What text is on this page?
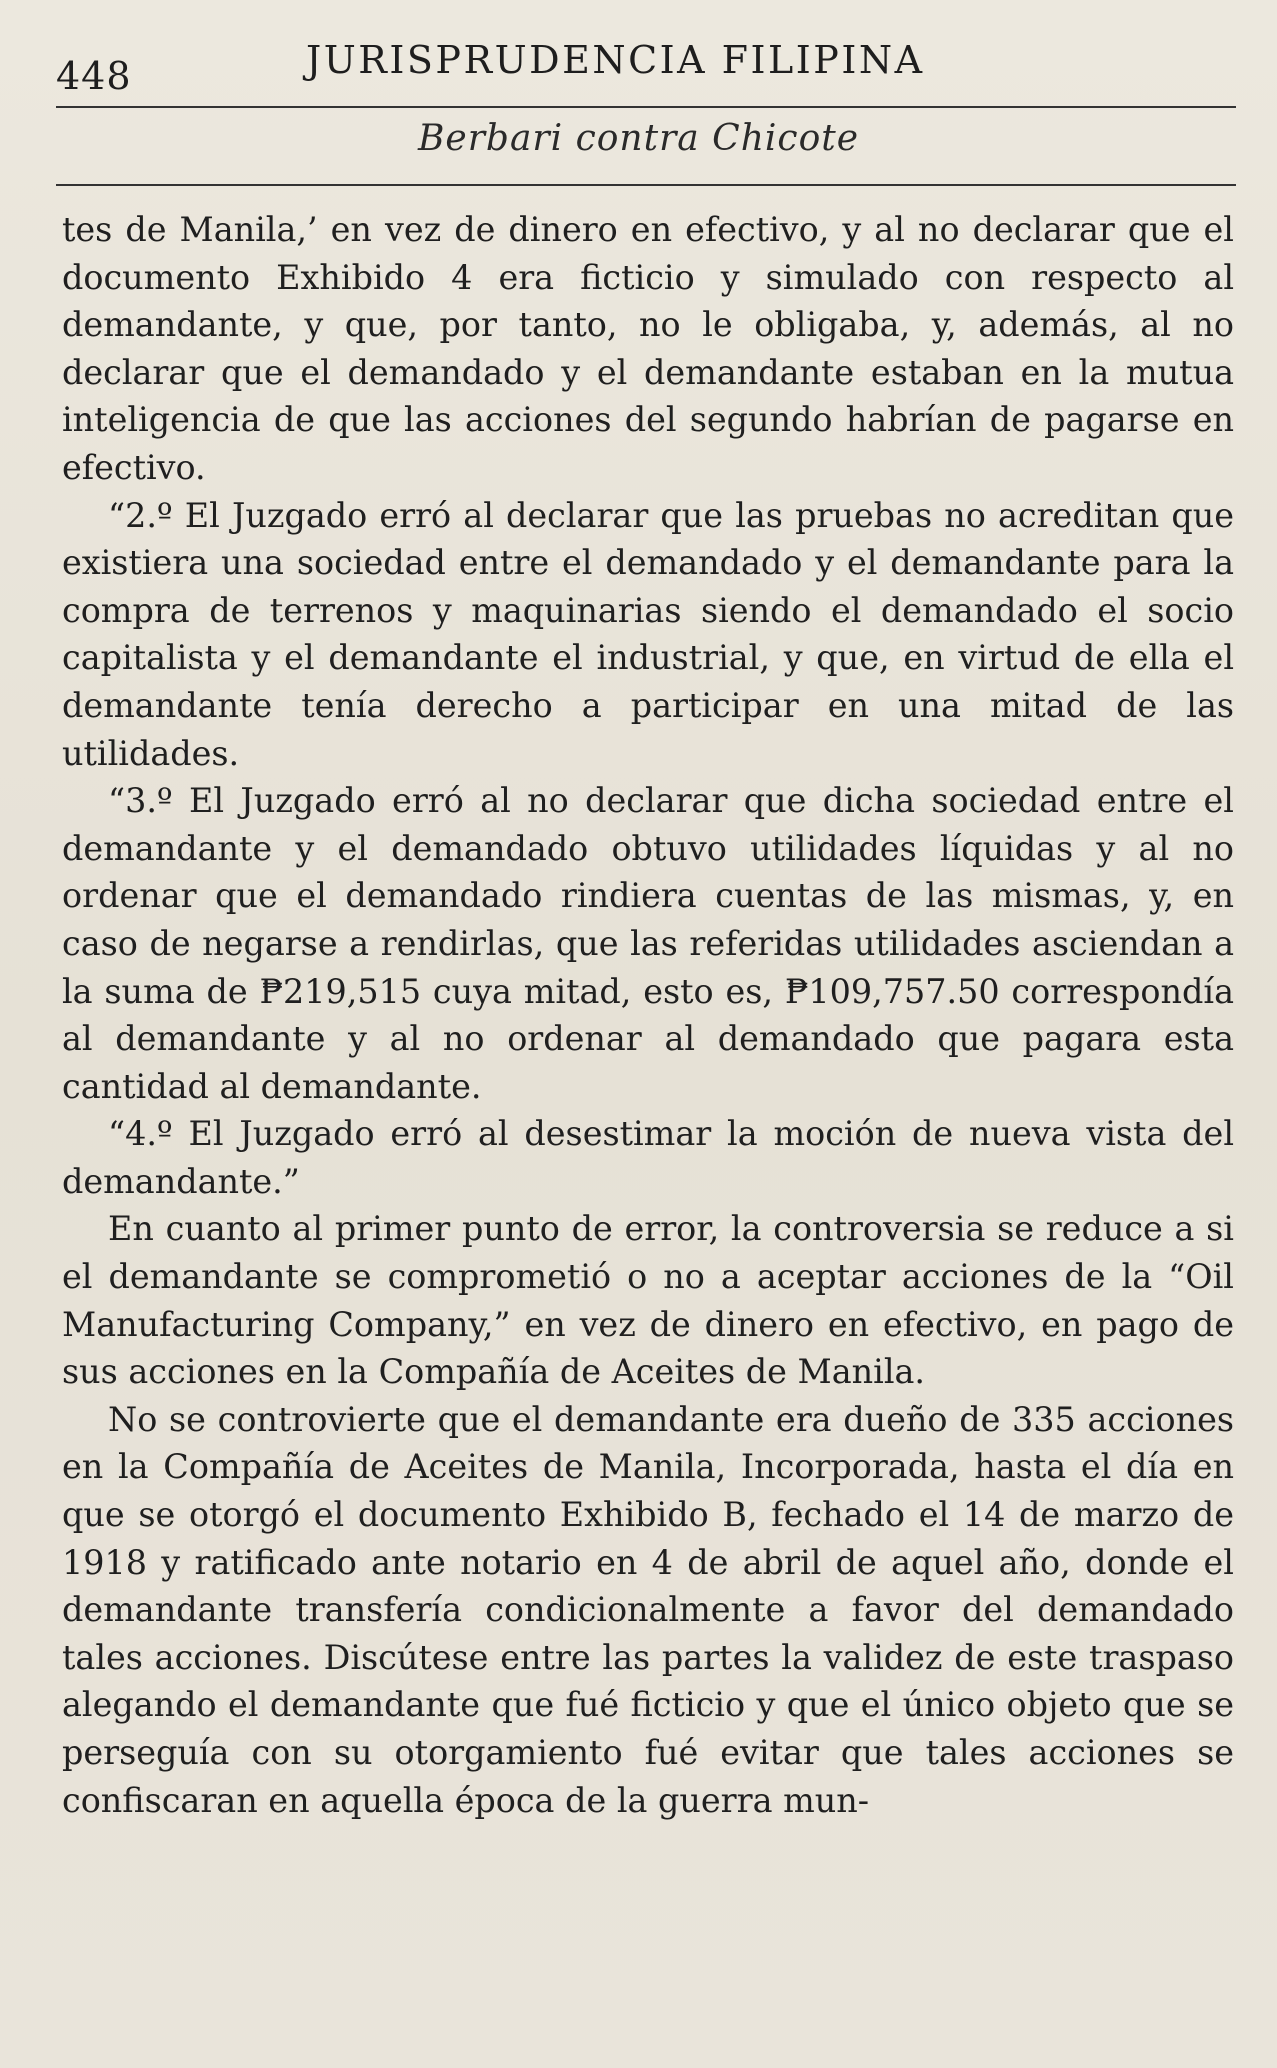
448	JURISPRUDENCIA FILIPINA
Berbari contra Chicote

tes de Manila,’ en vez de dinero en efectivo, y al no declarar que el documento Exhibido 4 era ficticio y simulado con respecto al demandante, y que, por tanto, no le obligaba, y, además, al no declarar que el demandado y el demandante estaban en la mutua inteligencia de que las acciones del segundo habrían de pagarse en efectivo.

“2.º El Juzgado erró al declarar que las pruebas no acreditan que existiera una sociedad entre el demandado y el demandante para la compra de terrenos y maquinarias siendo el demandado el socio capitalista y el demandante el industrial, y que, en virtud de ella el demandante tenía derecho a participar en una mitad de las utilidades.

“3.º El Juzgado erró al no declarar que dicha sociedad entre el demandante y el demandado obtuvo utilidades líquidas y al no ordenar que el demandado rindiera cuentas de las mismas, y, en caso de negarse a rendirlas, que las referidas utilidades asciendan a la suma de ₱219,515 cuya mitad, esto es, ₱109,757.50 correspondía al demandante y al no ordenar al demandado que pagara esta cantidad al demandante.

“4.º El Juzgado erró al desestimar la moción de nueva vista del demandante.”

En cuanto al primer punto de error, la controversia se reduce a si el demandante se comprometió o no a aceptar acciones de la “Oil Manufacturing Company,” en vez de dinero en efectivo, en pago de sus acciones en la Compañía de Aceites de Manila.

No se controvierte que el demandante era dueño de 335 acciones en la Compañía de Aceites de Manila, Incorporada, hasta el día en que se otorgó el documento Exhibido B, fechado el 14 de marzo de 1918 y ratificado ante notario en 4 de abril de aquel año, donde el demandante transfería condicionalmente a favor del demandado tales acciones. Discútese entre las partes la validez de este traspaso alegando el demandante que fué ficticio y que el único objeto que se perseguía con su otorgamiento fué evitar que tales acciones se confiscaran en aquella época de la guerra mun-
